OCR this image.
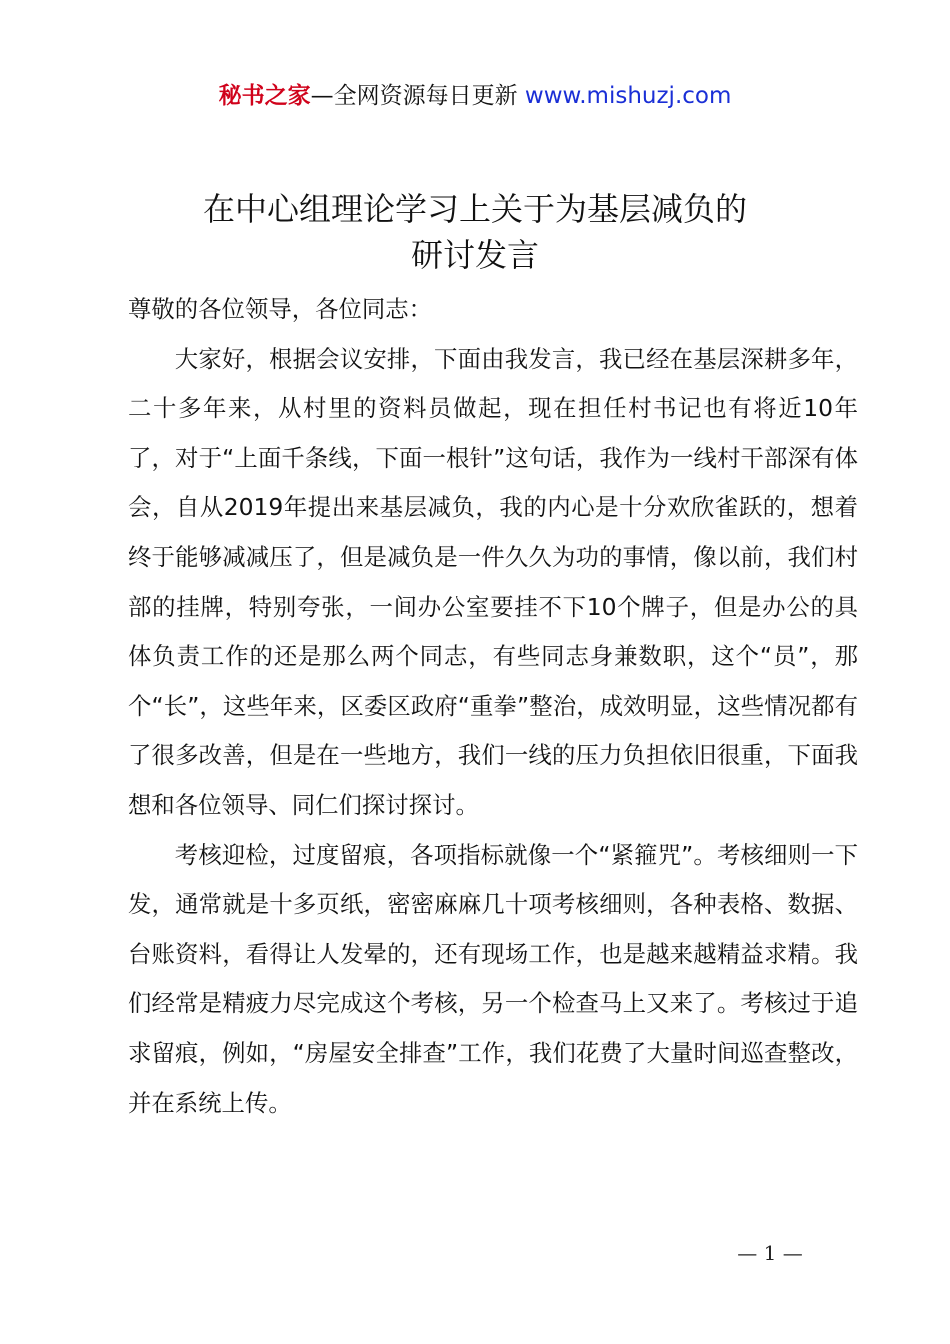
秘书之家—全网资源每日更新 www.mishuzj.com
在中心组理论学习上关于为基层减负的
研讨发言

尊敬的各位领导，各位同志：

大家好，根据会议安排，下面由我发言，我已经在基层深耕多年，二十多年来，从村里的资料员做起，现在担任村书记也有将近10年了，对于“上面千条线，下面一根针”这句话，我作为一线村干部深有体会，自从2019年提出来基层减负，我的内心是十分欢欣雀跃的，想着终于能够减减压了，但是减负是一件久久为功的事情，像以前，我们村部的挂牌，特别夸张，一间办公室要挂不下10个牌子，但是办公的具体负责工作的还是那么两个同志，有些同志身兼数职，这个“员”，那个“长”，这些年来，区委区政府“重拳”整治，成效明显，这些情况都有了很多改善，但是在一些地方，我们一线的压力负担依旧很重，下面我想和各位领导、同仁们探讨探讨。

考核迎检，过度留痕，各项指标就像一个“紧箍咒”。考核细则一下发，通常就是十多页纸，密密麻麻几十项考核细则，各种表格、数据、台账资料，看得让人发晕的，还有现场工作，也是越来越精益求精。我们经常是精疲力尽完成这个考核，另一个检查马上又来了。考核过于追求留痕，例如，“房屋安全排查”工作，我们花费了大量时间巡查整改，并在系统上传。

— 1 —
